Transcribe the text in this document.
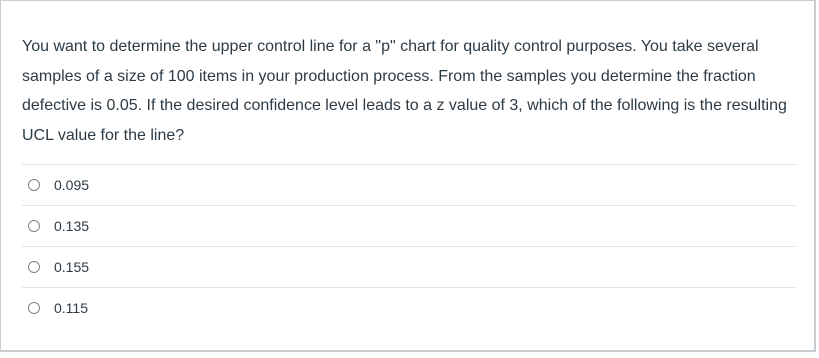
You want to determine the upper control line for a "p" chart for quality control purposes. You take several samples of a size of 100 items in your production process. From the samples you determine the fraction defective is 0.05. If the desired confidence level leads to a z value of 3, which of the following is the resulting UCL value for the line?

0.095
0.135
0.155
0.115
